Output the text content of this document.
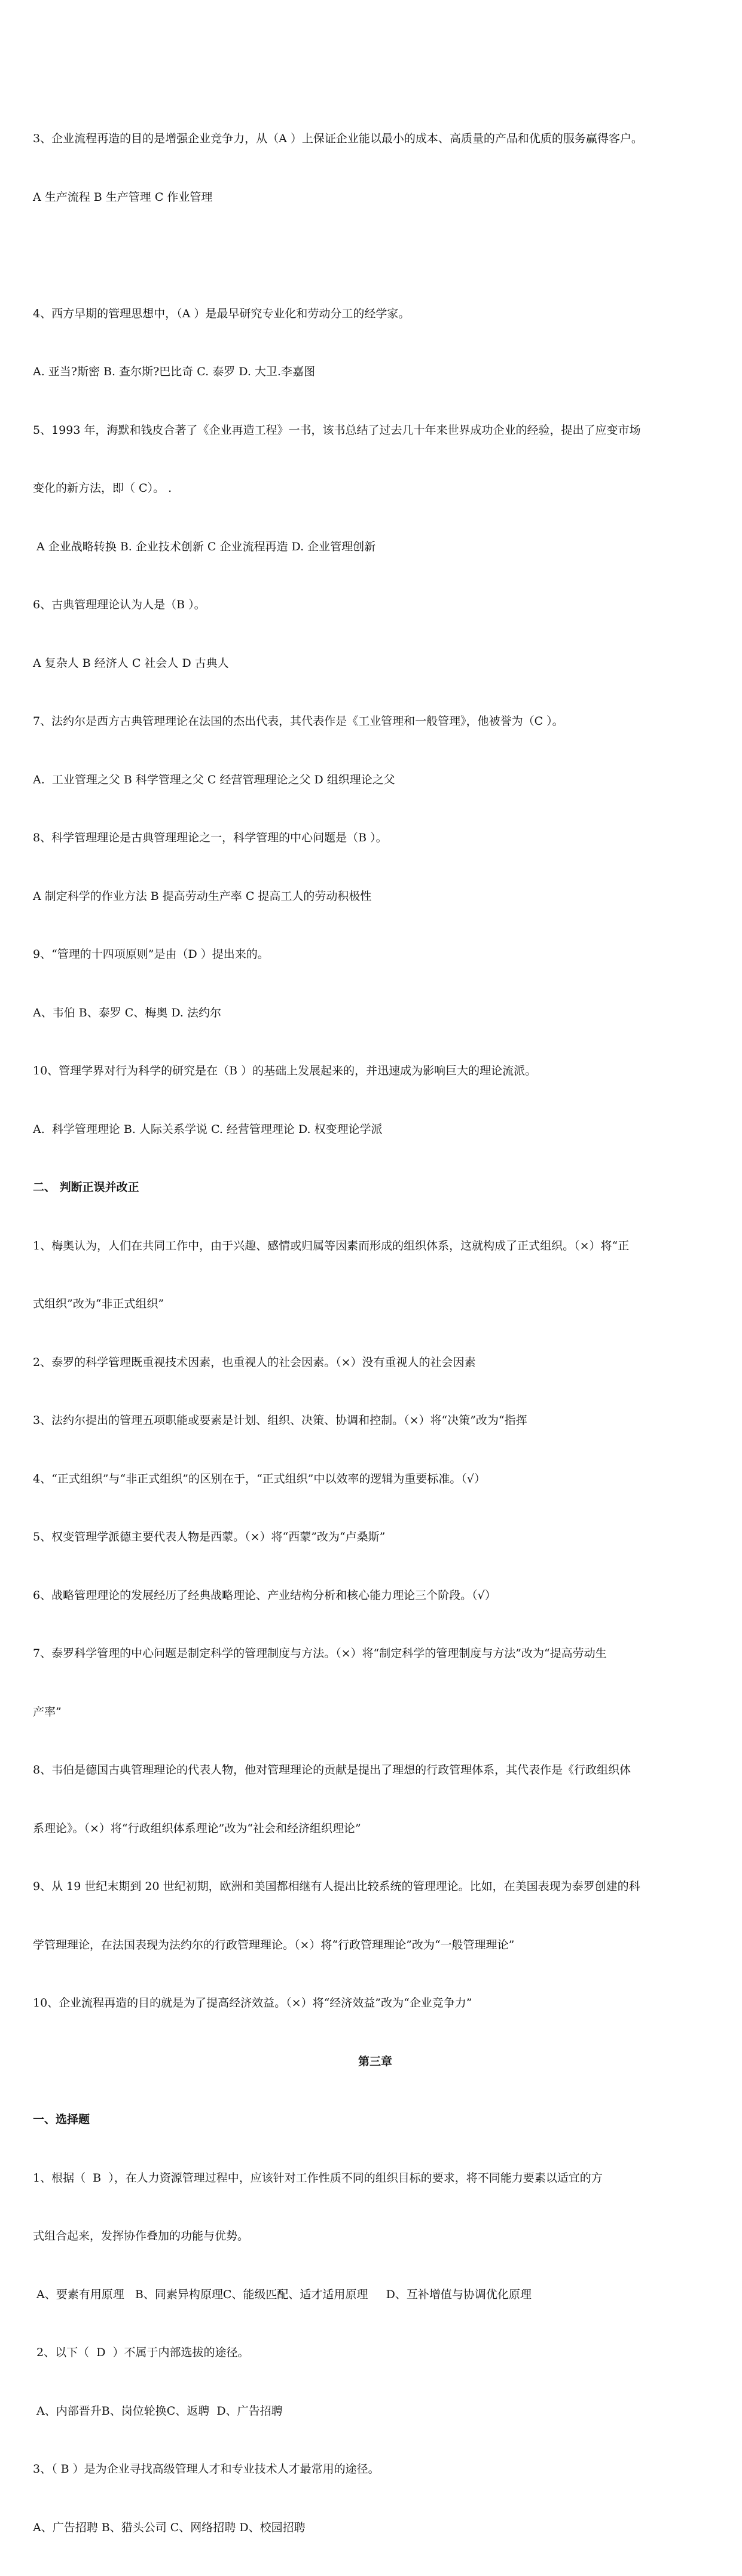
3、企业流程再造的目的是增强企业竞争力，从（A ）上保证企业能以最小的成本、高质量的产品和优质的服务赢得客户。

A 生产流程 B 生产管理 C 作业管理

4、西方早期的管理思想中，（A ）是最早研究专业化和劳动分工的经学家。

A. 亚当?斯密 B. 查尔斯?巴比奇 C. 泰罗 D. 大卫.李嘉图

5、1993 年，海默和钱皮合著了《企业再造工程》一书，该书总结了过去几十年来世界成功企业的经验，提出了应变市场

变化的新方法，即（ C）。 .

A 企业战略转换 B. 企业技术创新 C 企业流程再造 D. 企业管理创新

6、古典管理理论认为人是（B ）。

A 复杂人 B 经济人 C 社会人 D 古典人

7、法约尔是西方古典管理理论在法国的杰出代表，其代表作是《工业管理和一般管理》，他被誉为（C ）。

A.  工业管理之父 B 科学管理之父 C 经营管理理论之父 D 组织理论之父

8、科学管理理论是古典管理理论之一，科学管理的中心问题是（B ）。

A 制定科学的作业方法 B 提高劳动生产率 C 提高工人的劳动积极性

9、“管理的十四项原则”是由（D ）提出来的。

A、韦伯 B、泰罗 C、梅奥 D. 法约尔

10、管理学界对行为科学的研究是在（B ）的基础上发展起来的，并迅速成为影响巨大的理论流派。

A.  科学管理理论 B. 人际关系学说 C. 经营管理理论 D. 权变理论学派

二、 判断正误并改正

1、梅奥认为，人们在共同工作中，由于兴趣、感情或归属等因素而形成的组织体系，这就构成了正式组织。（×）将“正

式组织”改为“非正式组织”

2、泰罗的科学管理既重视技术因素，也重视人的社会因素。（×）没有重视人的社会因素

3、法约尔提出的管理五项职能或要素是计划、组织、决策、协调和控制。（×）将“决策”改为“指挥

4、“正式组织”与“非正式组织”的区别在于，“正式组织”中以效率的逻辑为重要标准。（√）

5、权变管理学派德主要代表人物是西蒙。（×）将“西蒙”改为“卢桑斯”

6、战略管理理论的发展经历了经典战略理论、产业结构分析和核心能力理论三个阶段。（√）

7、泰罗科学管理的中心问题是制定科学的管理制度与方法。（×）将“制定科学的管理制度与方法”改为“提高劳动生

产率”

8、韦伯是德国古典管理理论的代表人物，他对管理理论的贡献是提出了理想的行政管理体系，其代表作是《行政组织体

系理论》。（×）将“行政组织体系理论”改为“社会和经济组织理论”

9、从 19 世纪末期到 20 世纪初期，欧洲和美国都相继有人提出比较系统的管理理论。比如，在美国表现为泰罗创建的科

学管理理论，在法国表现为法约尔的行政管理理论。（×）将“行政管理理论”改为“一般管理理论”

10、企业流程再造的目的就是为了提高经济效益。（×）将“经济效益”改为“企业竞争力”

第三章

一、选择题

1、根据（  B  ），在人力资源管理过程中，应该针对工作性质不同的组织目标的要求，将不同能力要素以适宜的方

式组合起来，发挥协作叠加的功能与优势。

A、要素有用原理   B、同素异构原理C、能级匹配、适才适用原理     D、互补增值与协调优化原理

2、以下（  D  ）不属于内部选拔的途径。

A、内部晋升B、岗位轮换C、返聘  D、广告招聘

3、（ B ）是为企业寻找高级管理人才和专业技术人才最常用的途径。

A、广告招聘 B、猎头公司 C、网络招聘 D、校园招聘
